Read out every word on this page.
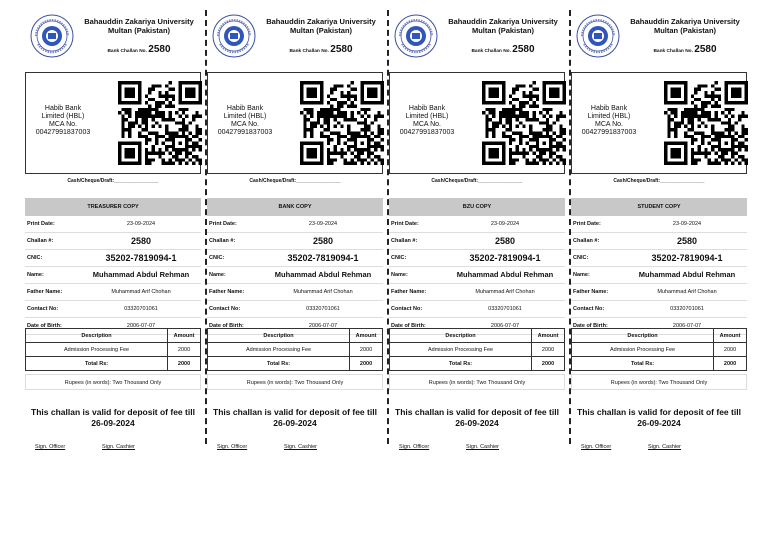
Bahauddin Zakariya University
Multan (Pakistan)
Bank Challan No. 2580
Habib Bank
Limited (HBL)
MCA No.
00427991837003
Cash/Cheque/Draft:________________
TREASURER COPY
Print Date:	23-09-2024
Challan #:	2580
CNIC:	35202-7819094-1
Name:	Muhammad Abdul Rehman
Father Name:	Muhammad Arif Chohan
Contact No:	03320701061
Date of Birth:	2006-07-07
Description	Amount
Admission Processing Fee	2000
Total Rs:	2000
Rupees (in words): Two Thousand Only
This challan is valid for deposit of fee till
26-09-2024
Sign. Officer	Sign. Cashier
Bahauddin Zakariya University
Multan (Pakistan)
Bank Challan No. 2580
Habib Bank
Limited (HBL)
MCA No.
00427991837003
Cash/Cheque/Draft:________________
BANK COPY
Print Date:	23-09-2024
Challan #:	2580
CNIC:	35202-7819094-1
Name:	Muhammad Abdul Rehman
Father Name:	Muhammad Arif Chohan
Contact No:	03320701061
Date of Birth:	2006-07-07
Description	Amount
Admission Processing Fee	2000
Total Rs:	2000
Rupees (in words): Two Thousand Only
This challan is valid for deposit of fee till
26-09-2024
Sign. Officer	Sign. Cashier
Bahauddin Zakariya University
Multan (Pakistan)
Bank Challan No. 2580
Habib Bank
Limited (HBL)
MCA No.
00427991837003
Cash/Cheque/Draft:________________
BZU COPY
Print Date:	23-09-2024
Challan #:	2580
CNIC:	35202-7819094-1
Name:	Muhammad Abdul Rehman
Father Name:	Muhammad Arif Chohan
Contact No:	03320701061
Date of Birth:	2006-07-07
Description	Amount
Admission Processing Fee	2000
Total Rs:	2000
Rupees (in words): Two Thousand Only
This challan is valid for deposit of fee till
26-09-2024
Sign. Officer	Sign. Cashier
Bahauddin Zakariya University
Multan (Pakistan)
Bank Challan No. 2580
Habib Bank
Limited (HBL)
MCA No.
00427991837003
Cash/Cheque/Draft:________________
STUDENT COPY
Print Date:	23-09-2024
Challan #:	2580
CNIC:	35202-7819094-1
Name:	Muhammad Abdul Rehman
Father Name:	Muhammad Arif Chohan
Contact No:	03320701061
Date of Birth:	2006-07-07
Description	Amount
Admission Processing Fee	2000
Total Rs:	2000
Rupees (in words): Two Thousand Only
This challan is valid for deposit of fee till
26-09-2024
Sign. Officer	Sign. Cashier
